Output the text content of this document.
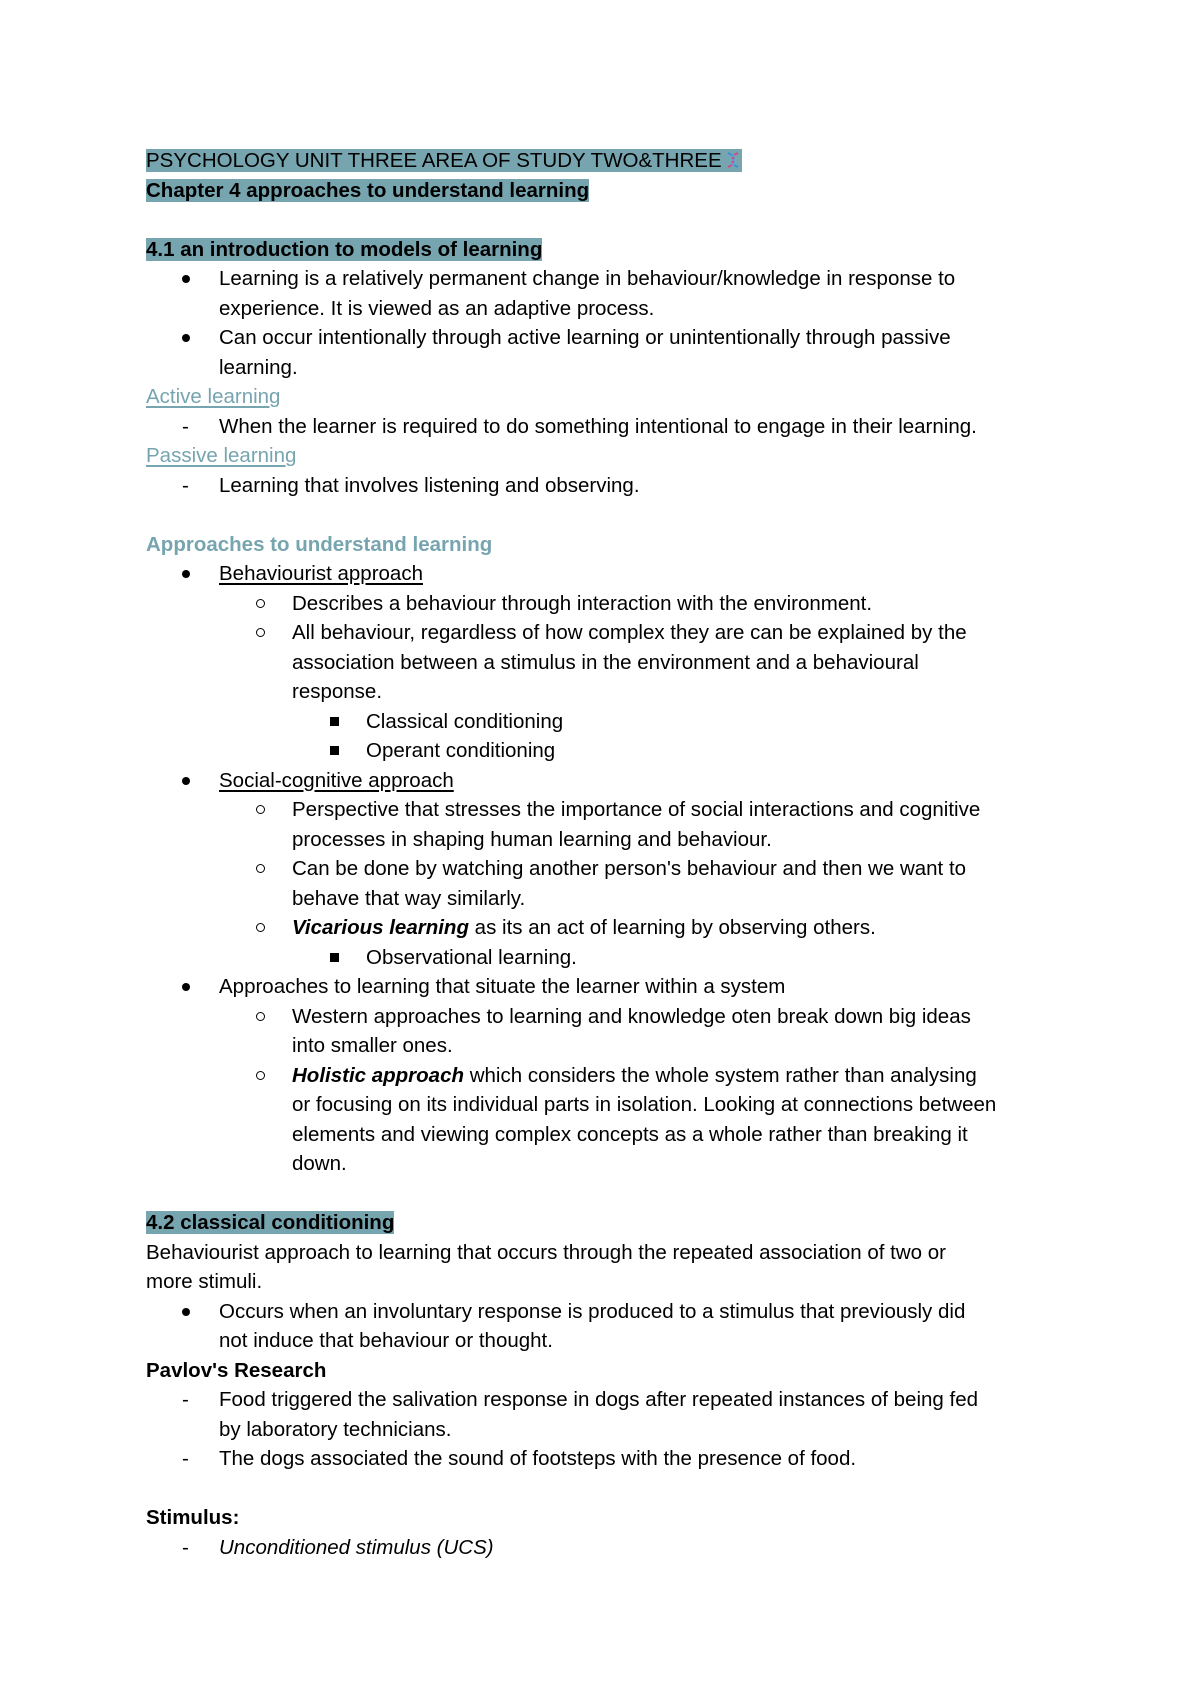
PSYCHOLOGY UNIT THREE AREA OF STUDY TWO&THREE
Chapter 4 approaches to understand learning
4.1 an introduction to models of learning
Learning is a relatively permanent change in behaviour/knowledge in response to
experience. It is viewed as an adaptive process.
Can occur intentionally through active learning or unintentionally through passive
learning.
Active learning
- When the learner is required to do something intentional to engage in their learning.
Passive learning
- Learning that involves listening and observing.
Approaches to understand learning
Behaviourist approach
Describes a behaviour through interaction with the environment.
All behaviour, regardless of how complex they are can be explained by the
association between a stimulus in the environment and a behavioural
response.
Classical conditioning
Operant conditioning
Social-cognitive approach
Perspective that stresses the importance of social interactions and cognitive
processes in shaping human learning and behaviour.
Can be done by watching another person's behaviour and then we want to
behave that way similarly.
Vicarious learning as its an act of learning by observing others.
Observational learning.
Approaches to learning that situate the learner within a system
Western approaches to learning and knowledge oten break down big ideas
into smaller ones.
Holistic approach which considers the whole system rather than analysing
or focusing on its individual parts in isolation. Looking at connections between
elements and viewing complex concepts as a whole rather than breaking it
down.
4.2 classical conditioning
Behaviourist approach to learning that occurs through the repeated association of two or
more stimuli.
Occurs when an involuntary response is produced to a stimulus that previously did
not induce that behaviour or thought.
Pavlov's Research
- Food triggered the salivation response in dogs after repeated instances of being fed
by laboratory technicians.
- The dogs associated the sound of footsteps with the presence of food.
Stimulus:
- Unconditioned stimulus (UCS)
